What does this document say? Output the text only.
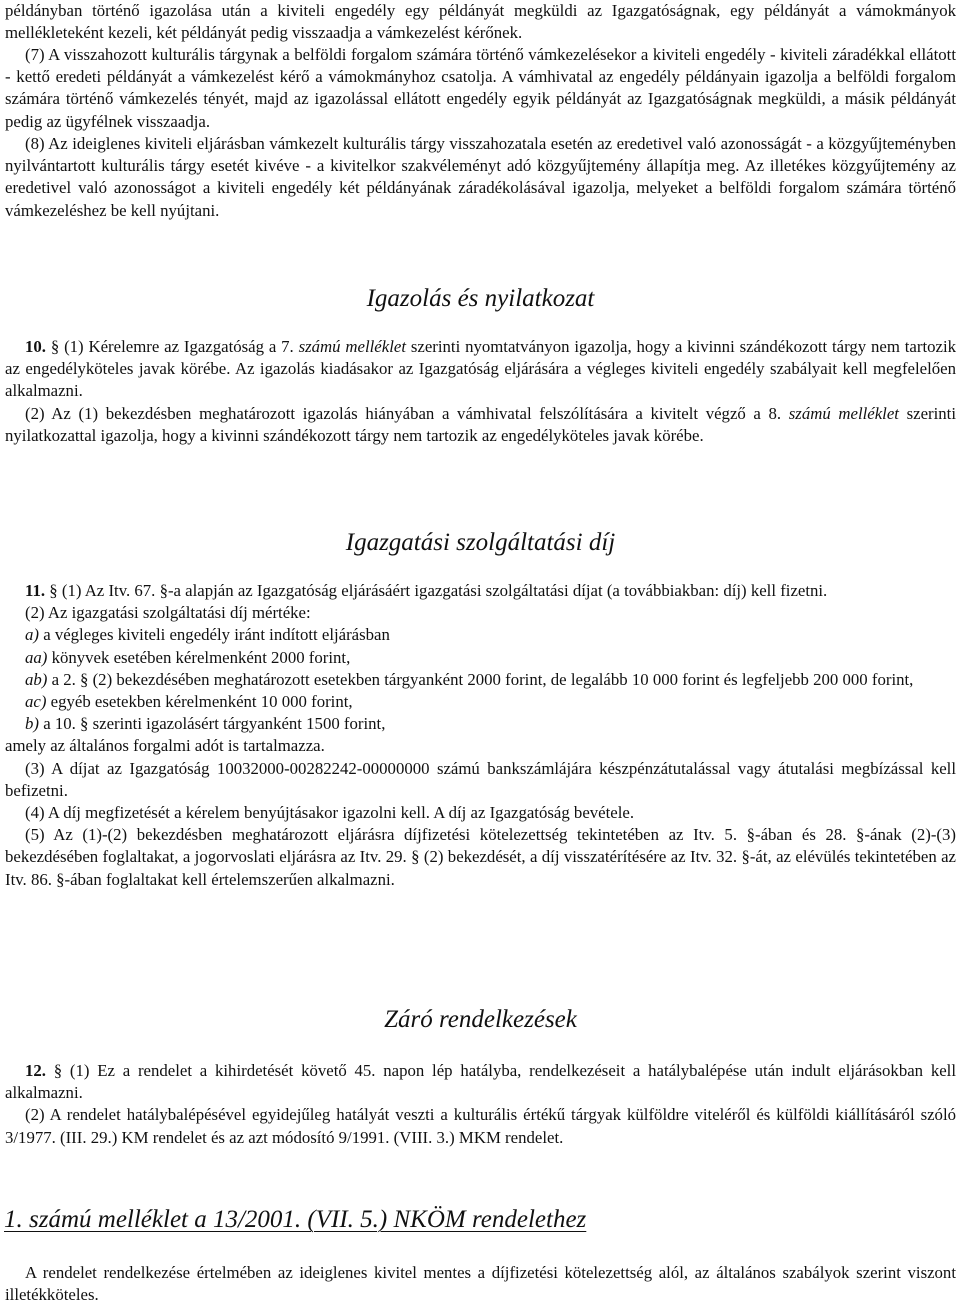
példányban történő igazolása után a kiviteli engedély egy példányát megküldi az Igazgatóságnak, egy példányát a vámokmányok mellékleteként kezeli, két példányát pedig visszaadja a vámkezelést kérőnek.

(7) A visszahozott kulturális tárgynak a belföldi forgalom számára történő vámkezelésekor a kiviteli engedély - kiviteli záradékkal ellátott - kettő eredeti példányát a vámkezelést kérő a vámokmányhoz csatolja. A vámhivatal az engedély példányain igazolja a belföldi forgalom számára történő vámkezelés tényét, majd az igazolással ellátott engedély egyik példányát az Igazgatóságnak megküldi, a másik példányát pedig az ügyfélnek visszaadja.

(8) Az ideiglenes kiviteli eljárásban vámkezelt kulturális tárgy visszahozatala esetén az eredetivel való azonosságát - a közgyűjteményben nyilvántartott kulturális tárgy esetét kivéve - a kivitelkor szakvéleményt adó közgyűjtemény állapítja meg. Az illetékes közgyűjtemény az eredetivel való azonosságot a kiviteli engedély két példányának záradékolásával igazolja, melyeket a belföldi forgalom számára történő vámkezeléshez be kell nyújtani.

Igazolás és nyilatkozat

10. § (1) Kérelemre az Igazgatóság a 7. számú melléklet szerinti nyomtatványon igazolja, hogy a kivinni szándékozott tárgy nem tartozik az engedélyköteles javak körébe. Az igazolás kiadásakor az Igazgatóság eljárására a végleges kiviteli engedély szabályait kell megfelelően alkalmazni.

(2) Az (1) bekezdésben meghatározott igazolás hiányában a vámhivatal felszólítására a kivitelt végző a 8. számú melléklet szerinti nyilatkozattal igazolja, hogy a kivinni szándékozott tárgy nem tartozik az engedélyköteles javak körébe.

Igazgatási szolgáltatási díj

11. § (1) Az Itv. 67. §-a alapján az Igazgatóság eljárásáért igazgatási szolgáltatási díjat (a továbbiakban: díj) kell fizetni.

(2) Az igazgatási szolgáltatási díj mértéke:

a) a végleges kiviteli engedély iránt indított eljárásban

aa) könyvek esetében kérelmenként 2000 forint,

ab) a 2. § (2) bekezdésében meghatározott esetekben tárgyanként 2000 forint, de legalább 10 000 forint és legfeljebb 200 000 forint,

ac) egyéb esetekben kérelmenként 10 000 forint,

b) a 10. § szerinti igazolásért tárgyanként 1500 forint,

amely az általános forgalmi adót is tartalmazza.

(3) A díjat az Igazgatóság 10032000-00282242-00000000 számú bankszámlájára készpénzátutalással vagy átutalási megbízással kell befizetni.

(4) A díj megfizetését a kérelem benyújtásakor igazolni kell. A díj az Igazgatóság bevétele.

(5) Az (1)-(2) bekezdésben meghatározott eljárásra díjfizetési kötelezettség tekintetében az Itv. 5. §-ában és 28. §-ának (2)-(3) bekezdésében foglaltakat, a jogorvoslati eljárásra az Itv. 29. § (2) bekezdését, a díj visszatérítésére az Itv. 32. §-át, az elévülés tekintetében az Itv. 86. §-ában foglaltakat kell értelemszerűen alkalmazni.

Záró rendelkezések

12. § (1) Ez a rendelet a kihirdetését követő 45. napon lép hatályba, rendelkezéseit a hatálybalépése után indult eljárásokban kell alkalmazni.

(2) A rendelet hatálybalépésével egyidejűleg hatályát veszti a kulturális értékű tárgyak külföldre viteléről és külföldi kiállításáról szóló 3/1977. (III. 29.) KM rendelet és az azt módosító 9/1991. (VIII. 3.) MKM rendelet.

1. számú melléklet a 13/2001. (VII. 5.) NKÖM rendelethez

A rendelet rendelkezése értelmében az ideiglenes kivitel mentes a díjfizetési kötelezettség alól, az általános szabályok szerint viszont illetékköteles.
